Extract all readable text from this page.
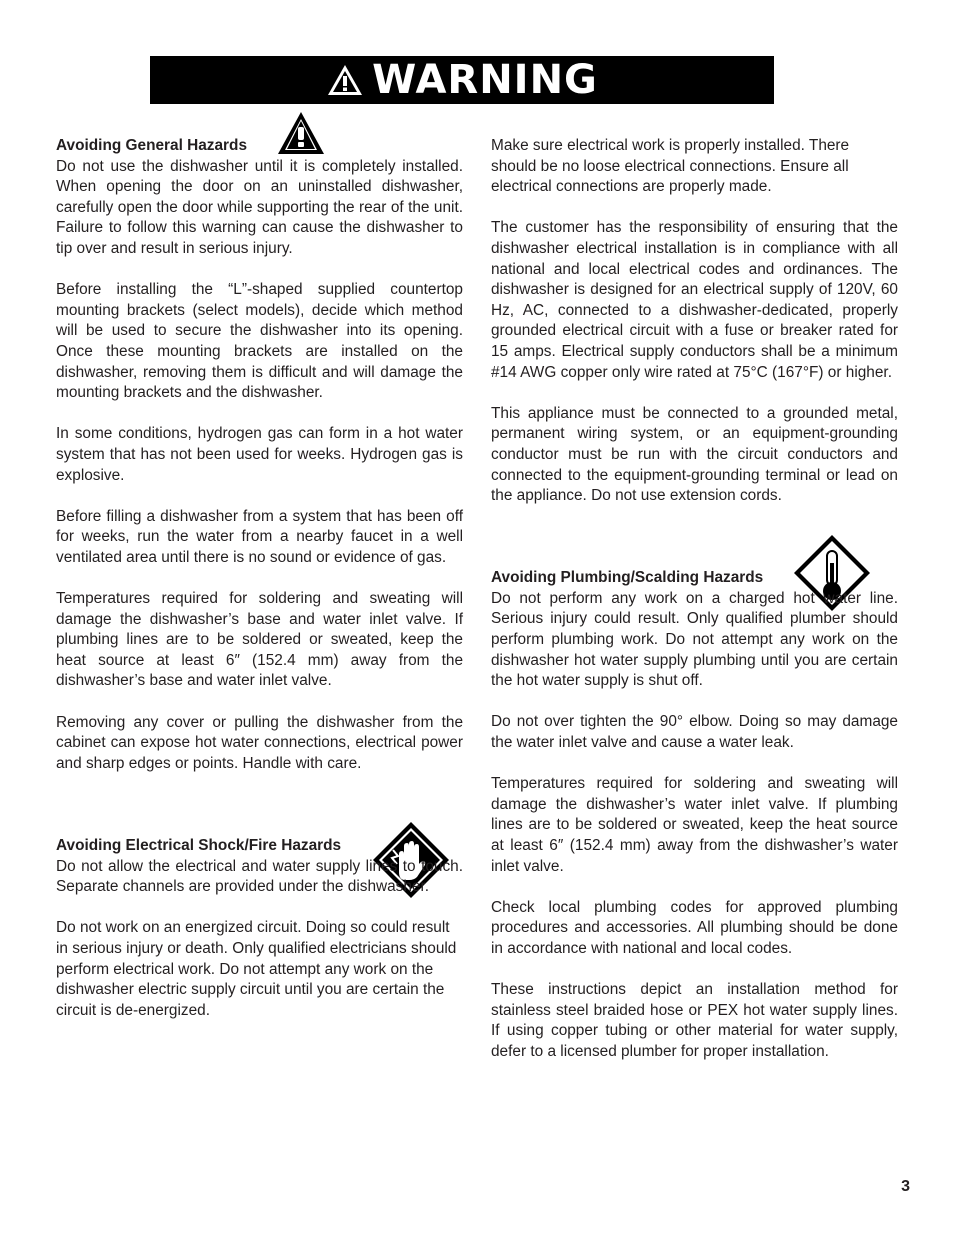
WARNING
Avoiding General Hazards

Do not use the dishwasher until it is completely installed. When opening the door on an uninstalled dishwasher, carefully open the door while supporting the rear of the unit. Failure to follow this warning can cause the dishwasher to tip over and result in serious injury.

Before installing the “L”-shaped supplied countertop mounting brackets (select models), decide which method will be used to secure the dishwasher into its opening. Once these mounting brackets are installed on the dishwasher, removing them is difficult and will damage the mounting brackets and the dishwasher.

In some conditions, hydrogen gas can form in a hot water system that has not been used for weeks. Hydrogen gas is explosive.

Before filling a dishwasher from a system that has been off for weeks, run the water from a nearby faucet in a well ventilated area until there is no sound or evidence of gas.

Temperatures required for soldering and sweating will damage the dishwasher’s base and water inlet valve. If plumbing lines are to be soldered or sweated, keep the heat source at least 6″ (152.4 mm) away from the dishwasher’s base and water inlet valve.

Removing any cover or pulling the dishwasher from the cabinet can expose hot water connections, electrical power and sharp edges or points. Handle with care.

Avoiding Electrical Shock/Fire Hazards

Do not allow the electrical and water supply lines to touch. Separate channels are provided under the dishwasher.

Do not work on an energized circuit. Doing so could result in serious injury or death. Only qualified electricians should perform electrical work. Do not attempt any work on the dishwasher electric supply circuit until you are certain the circuit is de-energized.

Make sure electrical work is properly installed. There should be no loose electrical connections. Ensure all electrical connections are properly made.

The customer has the responsibility of ensuring that the dishwasher electrical installation is in compliance with all national and local electrical codes and ordinances. The dishwasher is designed for an electrical supply of 120V, 60 Hz, AC, connected to a dishwasher-dedicated, properly grounded electrical circuit with a fuse or breaker rated for 15 amps. Electrical supply conductors shall be a minimum #14 AWG copper only wire rated at 75°C (167°F) or higher.

This appliance must be connected to a grounded metal, permanent wiring system, or an equipment-grounding conductor must be run with the circuit conductors and connected to the equipment-grounding terminal or lead on the appliance. Do not use extension cords.

Avoiding Plumbing/Scalding Hazards

Do not perform any work on a charged hot water line. Serious injury could result. Only qualified plumber should perform plumbing work. Do not attempt any work on the dishwasher hot water supply plumbing until you are certain the hot water supply is shut off.

Do not over tighten the 90° elbow. Doing so may damage the water inlet valve and cause a water leak.

Temperatures required for soldering and sweating will damage the dishwasher’s water inlet valve. If plumbing lines are to be soldered or sweated, keep the heat source at least 6″ (152.4 mm) away from the dishwasher’s water inlet valve.

Check local plumbing codes for approved plumbing procedures and accessories. All plumbing should be done in accordance with national and local codes.

These instructions depict an installation method for stainless steel braided hose or PEX hot water supply lines. If using copper tubing or other material for water supply, defer to a licensed plumber for proper installation.

3
